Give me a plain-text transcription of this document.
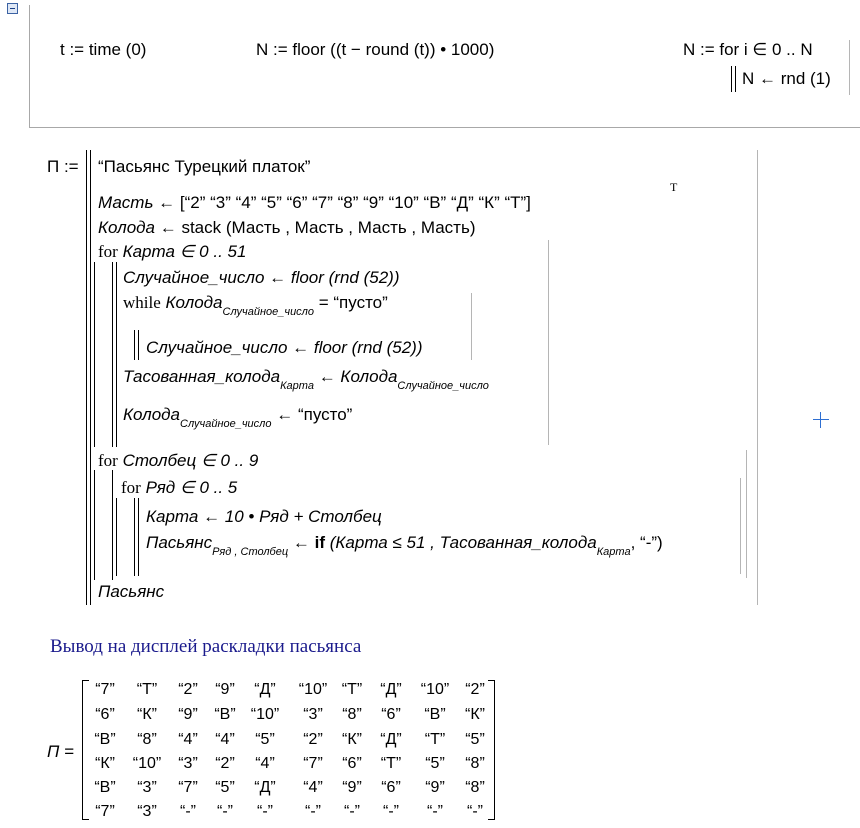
t := time (0)	N := floor ((t − round (t)) • 1000)	N := for i ∈ 0 .. N
N ← rnd (1)
П := “Пасьянс Турецкий платок”
Масть ← [“2” “3” “4” “5” “6” “7” “8” “9” “10” “В” “Д” “К” “Т”]
T
Колода ← stack (Масть , Масть , Масть , Масть)
for Карта ∈ 0 .. 51
Случайное_число ← floor (rnd (52))
while Колода$_{Случайное\_число}$ = “пусто”
Случайное_число ← floor (rnd (52))
Тасованная_колода$_{Карта}$ ← Колода$_{Случайное\_число}$
Колода$_{Случайное\_число}$ ← “пусто”
for Столбец ∈ 0 .. 9
for Ряд ∈ 0 .. 5
Карта ← 10 • Ряд + Столбец
Пасьянс$_{Ряд , Столбец}$ ← if (Карта ≤ 51 , Тасованная_колода$_{Карта}$, “-”)
Пасьянс
Вывод на дисплей раскладки пасьянса
П =
“7”	“T”	“2”	“9”	“Д”	“10” “T”	“Д”	“10”	“2”
“6”	“К”	“9”	“В” “10”	“3”	“8”	“6”	“В”	“К”
“В”	“8”	“4”	“4”	“5”	“2”	“К”	“Д”	“T”	“5”
“К”	“10”	“3”	“2”	“4”	“7”	“6”	“T”	“5”	“8”
“В”	“3”	“7”	“5”	“Д”	“4”	“9”	“6”	“9”	“8”
“7”	“3”	“-”	“-”	“-”	“-”	“-”	“-”	“-”	“-”
